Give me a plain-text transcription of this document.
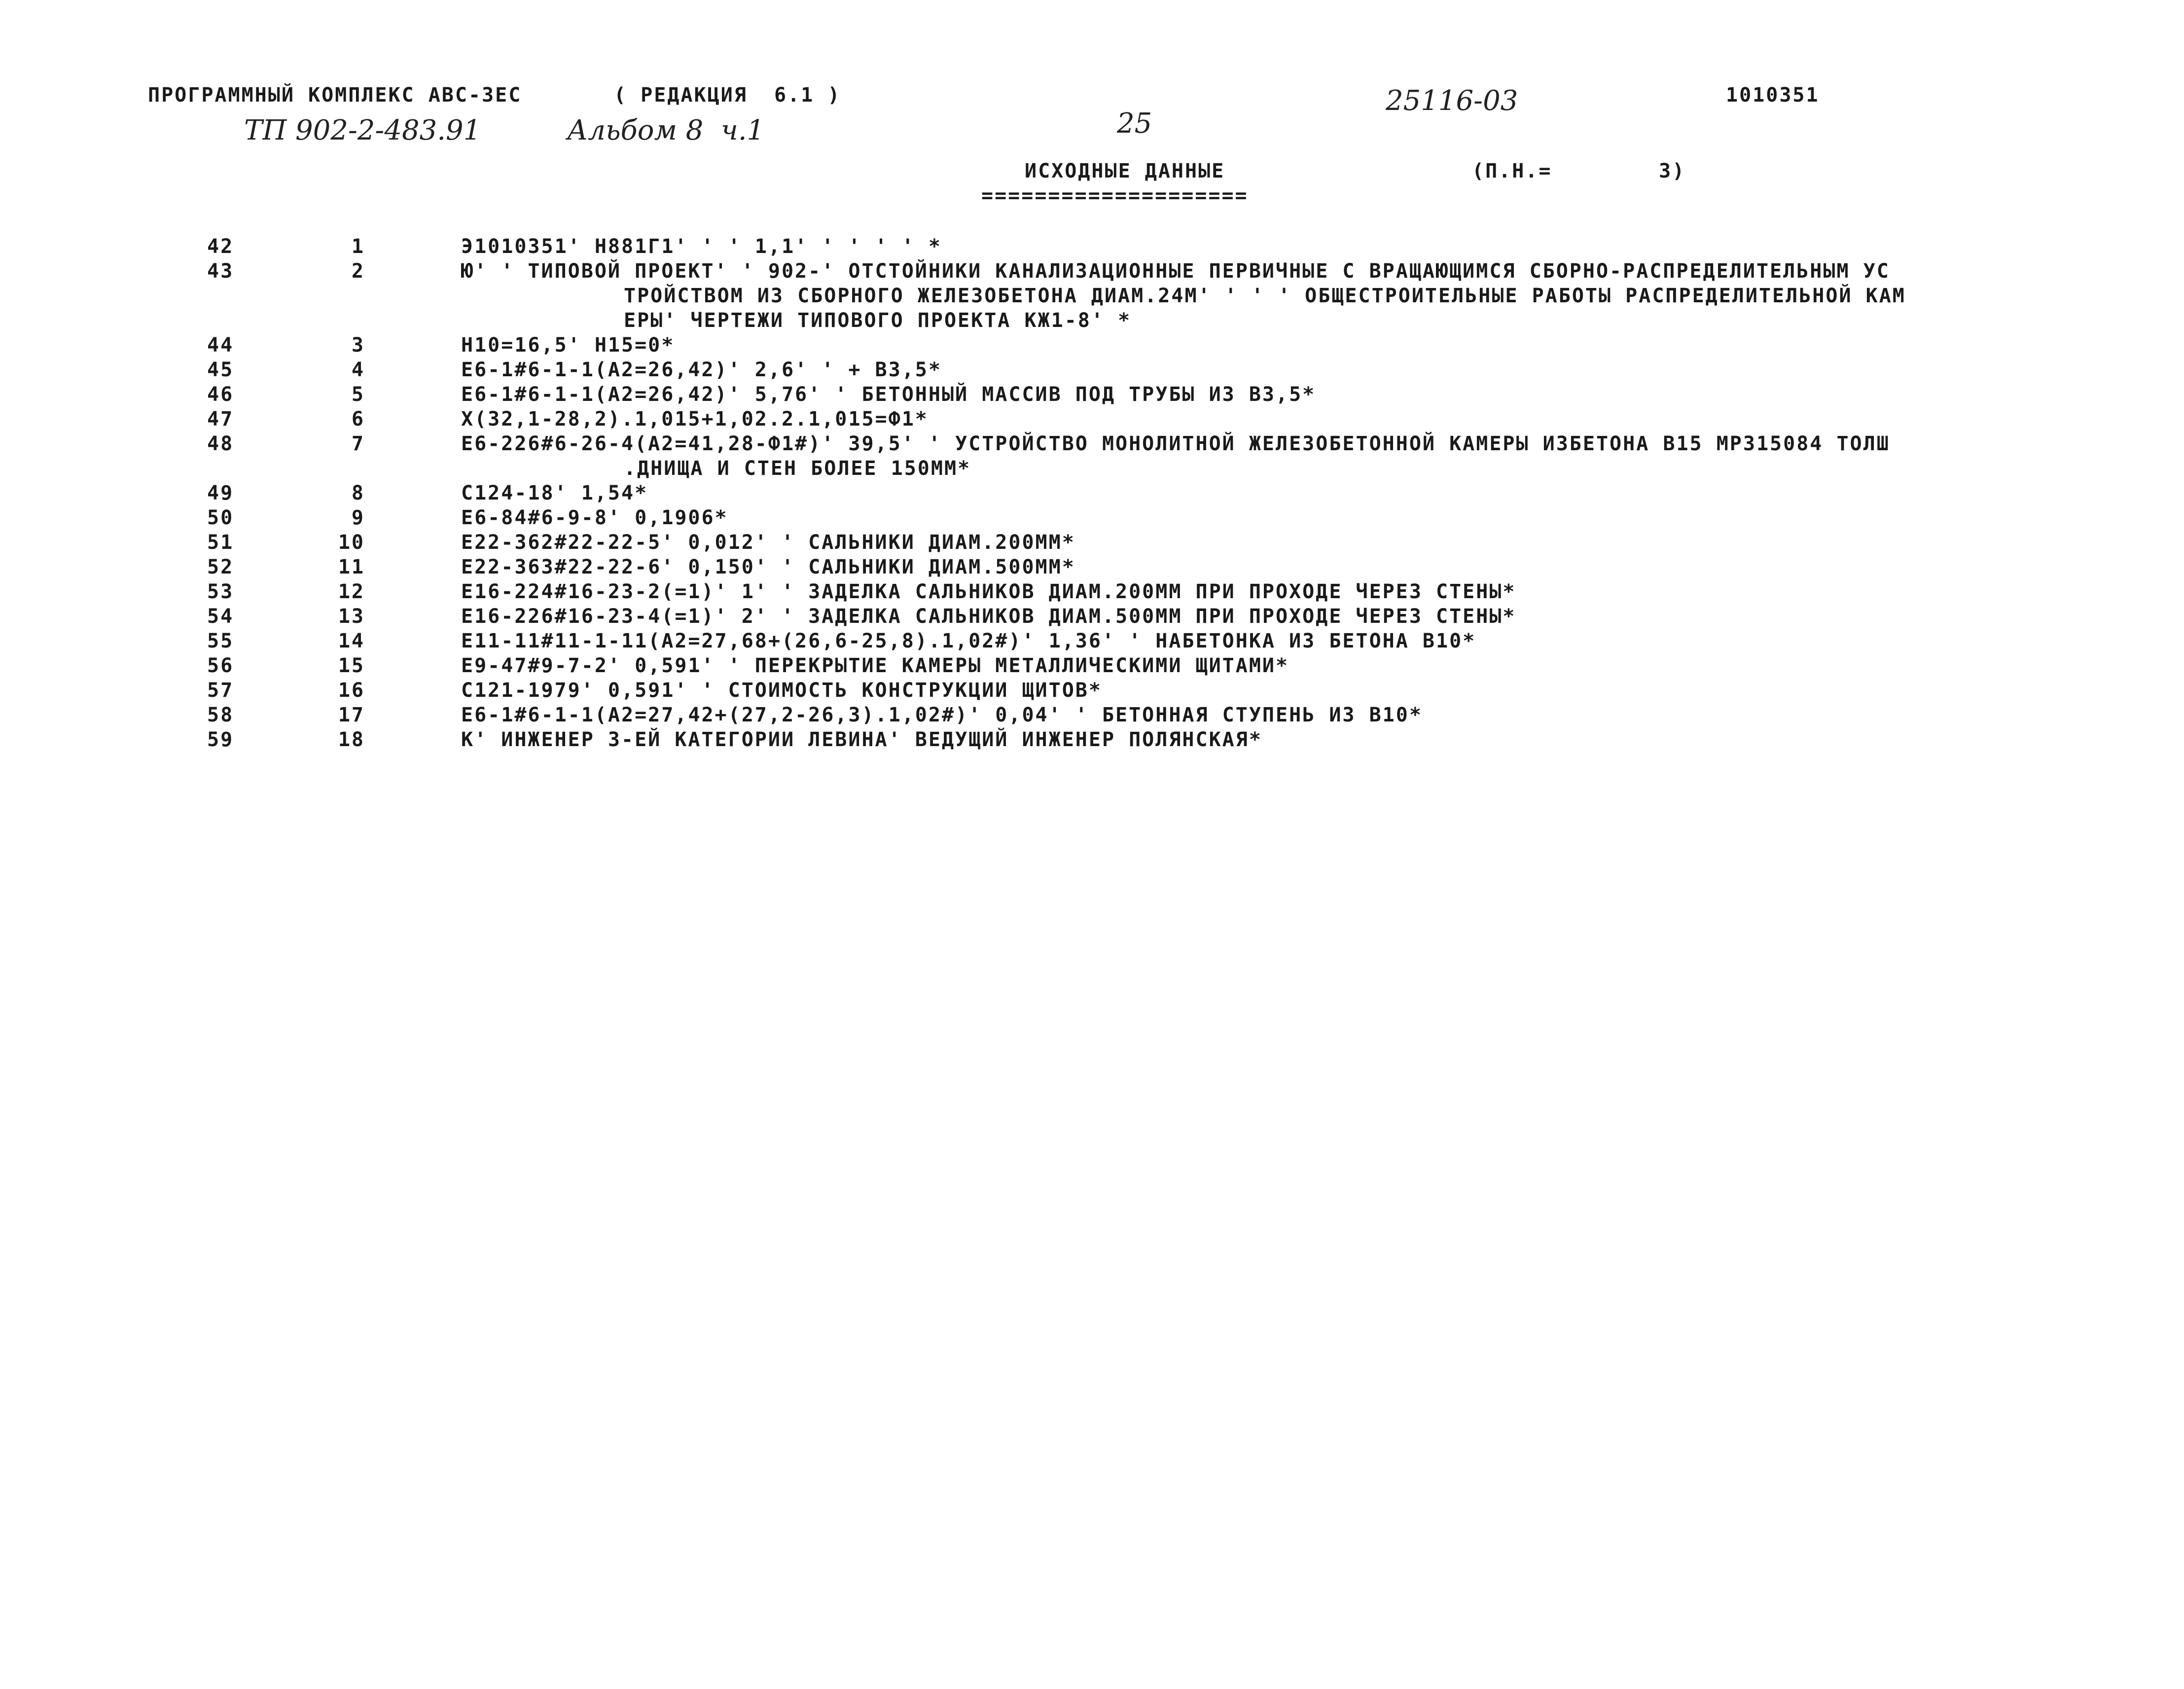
ПРОГРАММНЫЙ КОМПЛЕКС АВС-3ЕС	( РЕДАКЦИЯ  6.1 )	1010351
ТП 902-2-483.91	Альбом 8  ч.1	25
25116-03
ИСХОДНЫЕ ДАННЫЕ	(П.Н.=        3)
====================
42	1	Э1010351' Н881Г1' ' ' 1,1' ' ' ' ' *
43	2	Ю' ' ТИПОВОЙ ПРОЕКТ' ' 902-' ОТСТОЙНИКИ КАНАЛИЗАЦИОННЫЕ ПЕРВИЧНЫЕ С ВРАЩАЮЩИМСЯ СБОРНО-РАСПРЕДЕЛИТЕЛЬНЫМ УС
ТРОЙСТВОМ ИЗ СБОРНОГО ЖЕЛЕЗОБЕТОНА ДИАМ.24М' ' ' ' ОБЩЕСТРОИТЕЛЬНЫЕ РАБОТЫ РАСПРЕДЕЛИТЕЛЬНОЙ КАМ
ЕРЫ' ЧЕРТЕЖИ ТИПОВОГО ПРОЕКТА КЖ1-8' *
44	3	Н10=16,5' Н15=0*
45	4	Е6-1#6-1-1(А2=26,42)' 2,6' ' + В3,5*
46	5	Е6-1#6-1-1(А2=26,42)' 5,76' ' БЕТОННЫЙ МАССИВ ПОД ТРУБЫ ИЗ В3,5*
47	6	Х(32,1-28,2).1,015+1,02.2.1,015=Ф1*
48	7	Е6-226#6-26-4(А2=41,28-Ф1#)' 39,5' ' УСТРОЙСТВО МОНОЛИТНОЙ ЖЕЛЕЗОБЕТОННОЙ КАМЕРЫ ИЗБЕТОНА В15 МР315084 ТОЛШ
.ДНИЩА И СТЕН БОЛЕЕ 150ММ*
49	8	С124-18' 1,54*
50	9	Е6-84#6-9-8' 0,1906*
51	10	Е22-362#22-22-5' 0,012' ' САЛЬНИКИ ДИАМ.200ММ*
52	11	Е22-363#22-22-6' 0,150' ' САЛЬНИКИ ДИАМ.500ММ*
53	12	Е16-224#16-23-2(=1)' 1' ' ЗАДЕЛКА САЛЬНИКОВ ДИАМ.200ММ ПРИ ПРОХОДЕ ЧЕРЕЗ СТЕНЫ*
54	13	Е16-226#16-23-4(=1)' 2' ' ЗАДЕЛКА САЛЬНИКОВ ДИАМ.500ММ ПРИ ПРОХОДЕ ЧЕРЕЗ СТЕНЫ*
55	14	Е11-11#11-1-11(А2=27,68+(26,6-25,8).1,02#)' 1,36' ' НАБЕТОНКА ИЗ БЕТОНА В10*
56	15	Е9-47#9-7-2' 0,591' ' ПЕРЕКРЫТИЕ КАМЕРЫ МЕТАЛЛИЧЕСКИМИ ЩИТАМИ*
57	16	С121-1979' 0,591' ' СТОИМОСТЬ КОНСТРУКЦИИ ЩИТОВ*
58	17	Е6-1#6-1-1(А2=27,42+(27,2-26,3).1,02#)' 0,04' ' БЕТОННАЯ СТУПЕНЬ ИЗ В10*
59	18	К' ИНЖЕНЕР 3-ЕЙ КАТЕГОРИИ ЛЕВИНА' ВЕДУЩИЙ ИНЖЕНЕР ПОЛЯНСКАЯ*
